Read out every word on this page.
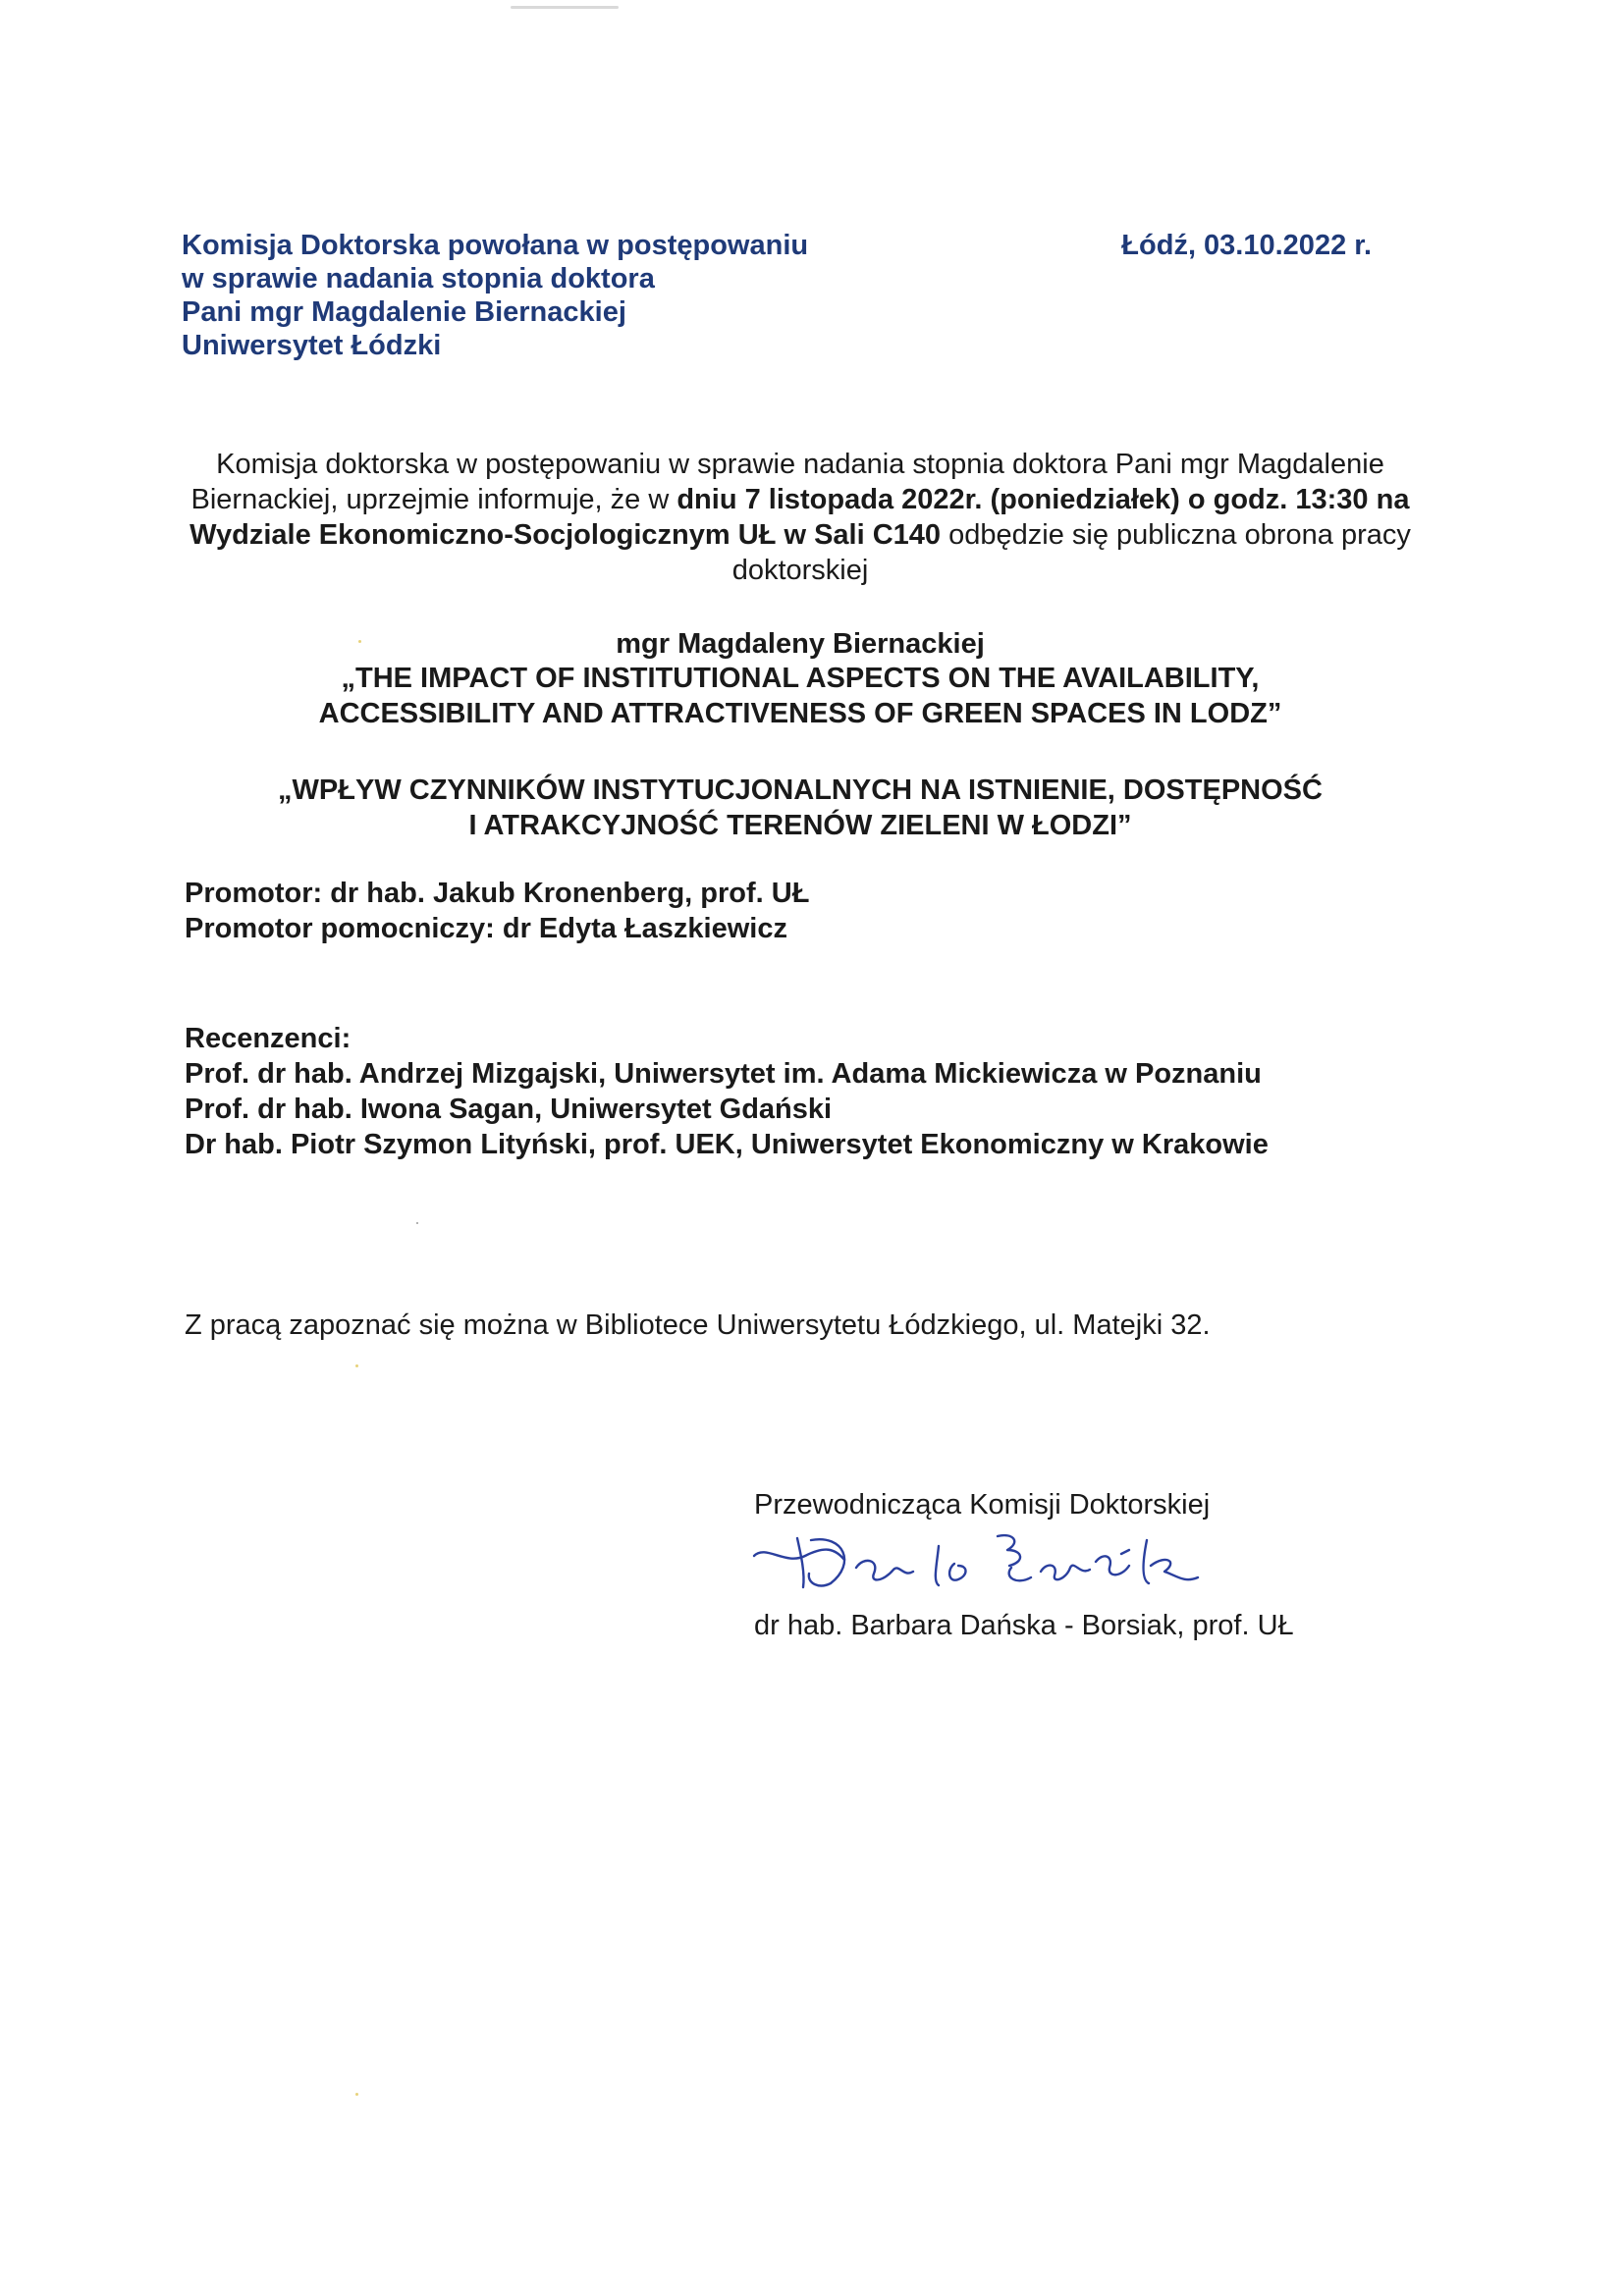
Komisja Doktorska powołana w postępowaniu
w sprawie nadania stopnia doktora
Pani mgr Magdalenie Biernackiej
Uniwersytet Łódzki
Łódź, 03.10.2022 r.
Komisja doktorska w postępowaniu w sprawie nadania stopnia doktora Pani mgr Magdalenie Biernackiej, uprzejmie informuje, że w dniu 7 listopada 2022r. (poniedziałek) o godz. 13:30 na Wydziale Ekonomiczno-Socjologicznym UŁ w Sali C140 odbędzie się publiczna obrona pracy doktorskiej
mgr Magdaleny Biernackiej
„THE IMPACT OF INSTITUTIONAL ASPECTS ON THE AVAILABILITY,
ACCESSIBILITY AND ATTRACTIVENESS OF GREEN SPACES IN LODZ”
„WPŁYW CZYNNIKÓW INSTYTUCJONALNYCH NA ISTNIENIE, DOSTĘPNOŚĆ
I ATRAKCYJNOŚĆ TERENÓW ZIELENI W ŁODZI”
Promotor: dr hab. Jakub Kronenberg, prof. UŁ
Promotor pomocniczy: dr Edyta Łaszkiewicz
Recenzenci:
Prof. dr hab. Andrzej Mizgajski, Uniwersytet im. Adama Mickiewicza w Poznaniu
Prof. dr hab. Iwona Sagan, Uniwersytet Gdański
Dr hab. Piotr Szymon Lityński, prof. UEK, Uniwersytet Ekonomiczny w Krakowie
Z pracą zapoznać się można w Bibliotece Uniwersytetu Łódzkiego, ul. Matejki 32.
Przewodnicząca Komisji Doktorskiej
dr hab. Barbara Dańska - Borsiak, prof. UŁ
